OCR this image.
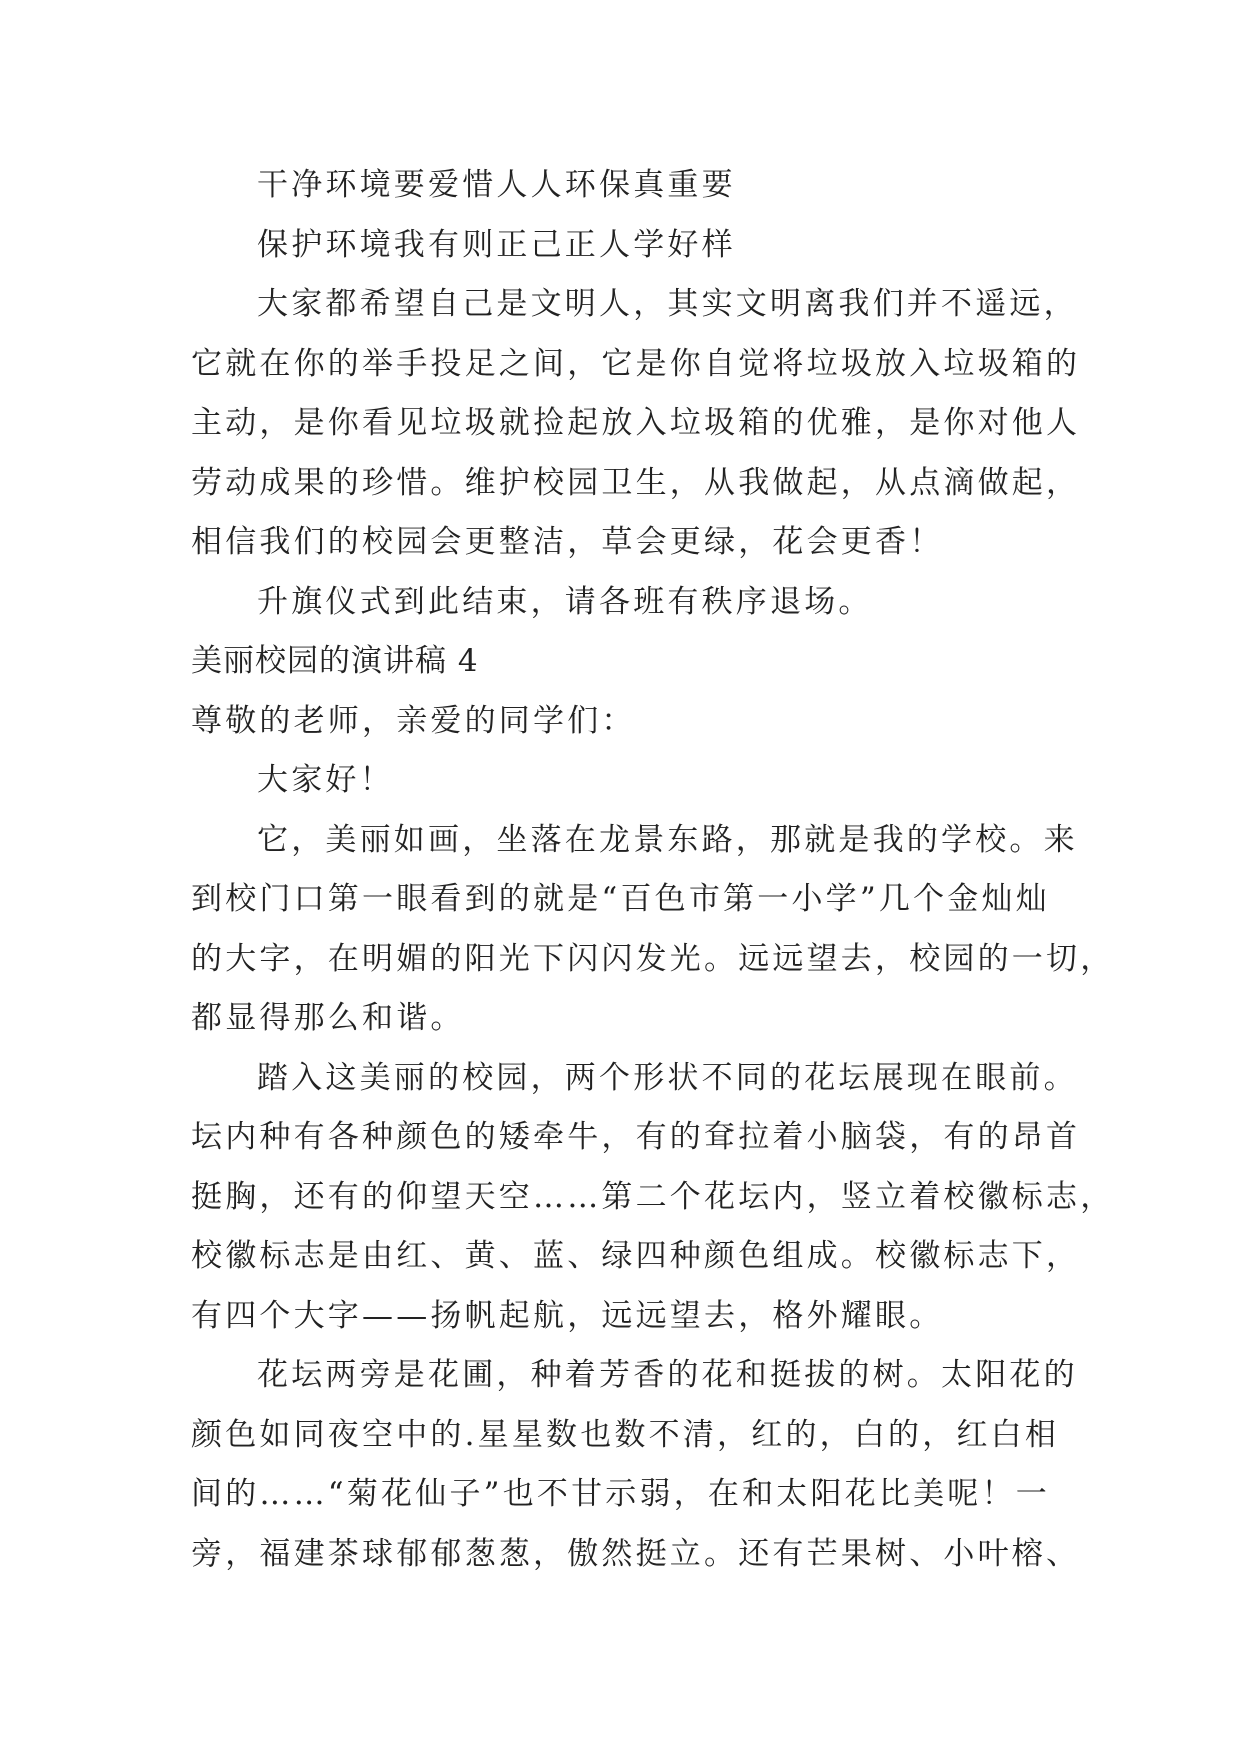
干净环境要爱惜人人环保真重要
保护环境我有则正己正人学好样
大家都希望自己是文明人，其实文明离我们并不遥远，
它就在你的举手投足之间，它是你自觉将垃圾放入垃圾箱的
主动，是你看见垃圾就捡起放入垃圾箱的优雅，是你对他人
劳动成果的珍惜。维护校园卫生，从我做起，从点滴做起，
相信我们的校园会更整洁，草会更绿，花会更香！
升旗仪式到此结束，请各班有秩序退场。
美丽校园的演讲稿 4
尊敬的老师，亲爱的同学们：
大家好！
它，美丽如画，坐落在龙景东路，那就是我的学校。来
到校门口第一眼看到的就是“百色市第一小学”几个金灿灿
的大字，在明媚的阳光下闪闪发光。远远望去，校园的一切，
都显得那么和谐。
踏入这美丽的校园，两个形状不同的花坛展现在眼前。
坛内种有各种颜色的矮牵牛，有的耷拉着小脑袋，有的昂首
挺胸，还有的仰望天空……第二个花坛内，竖立着校徽标志，
校徽标志是由红、黄、蓝、绿四种颜色组成。校徽标志下，
有四个大字——扬帆起航，远远望去，格外耀眼。
花坛两旁是花圃，种着芳香的花和挺拔的树。太阳花的
颜色如同夜空中的.星星数也数不清，红的，白的，红白相
间的……“菊花仙子”也不甘示弱，在和太阳花比美呢！一
旁，福建茶球郁郁葱葱，傲然挺立。还有芒果树、小叶榕、
